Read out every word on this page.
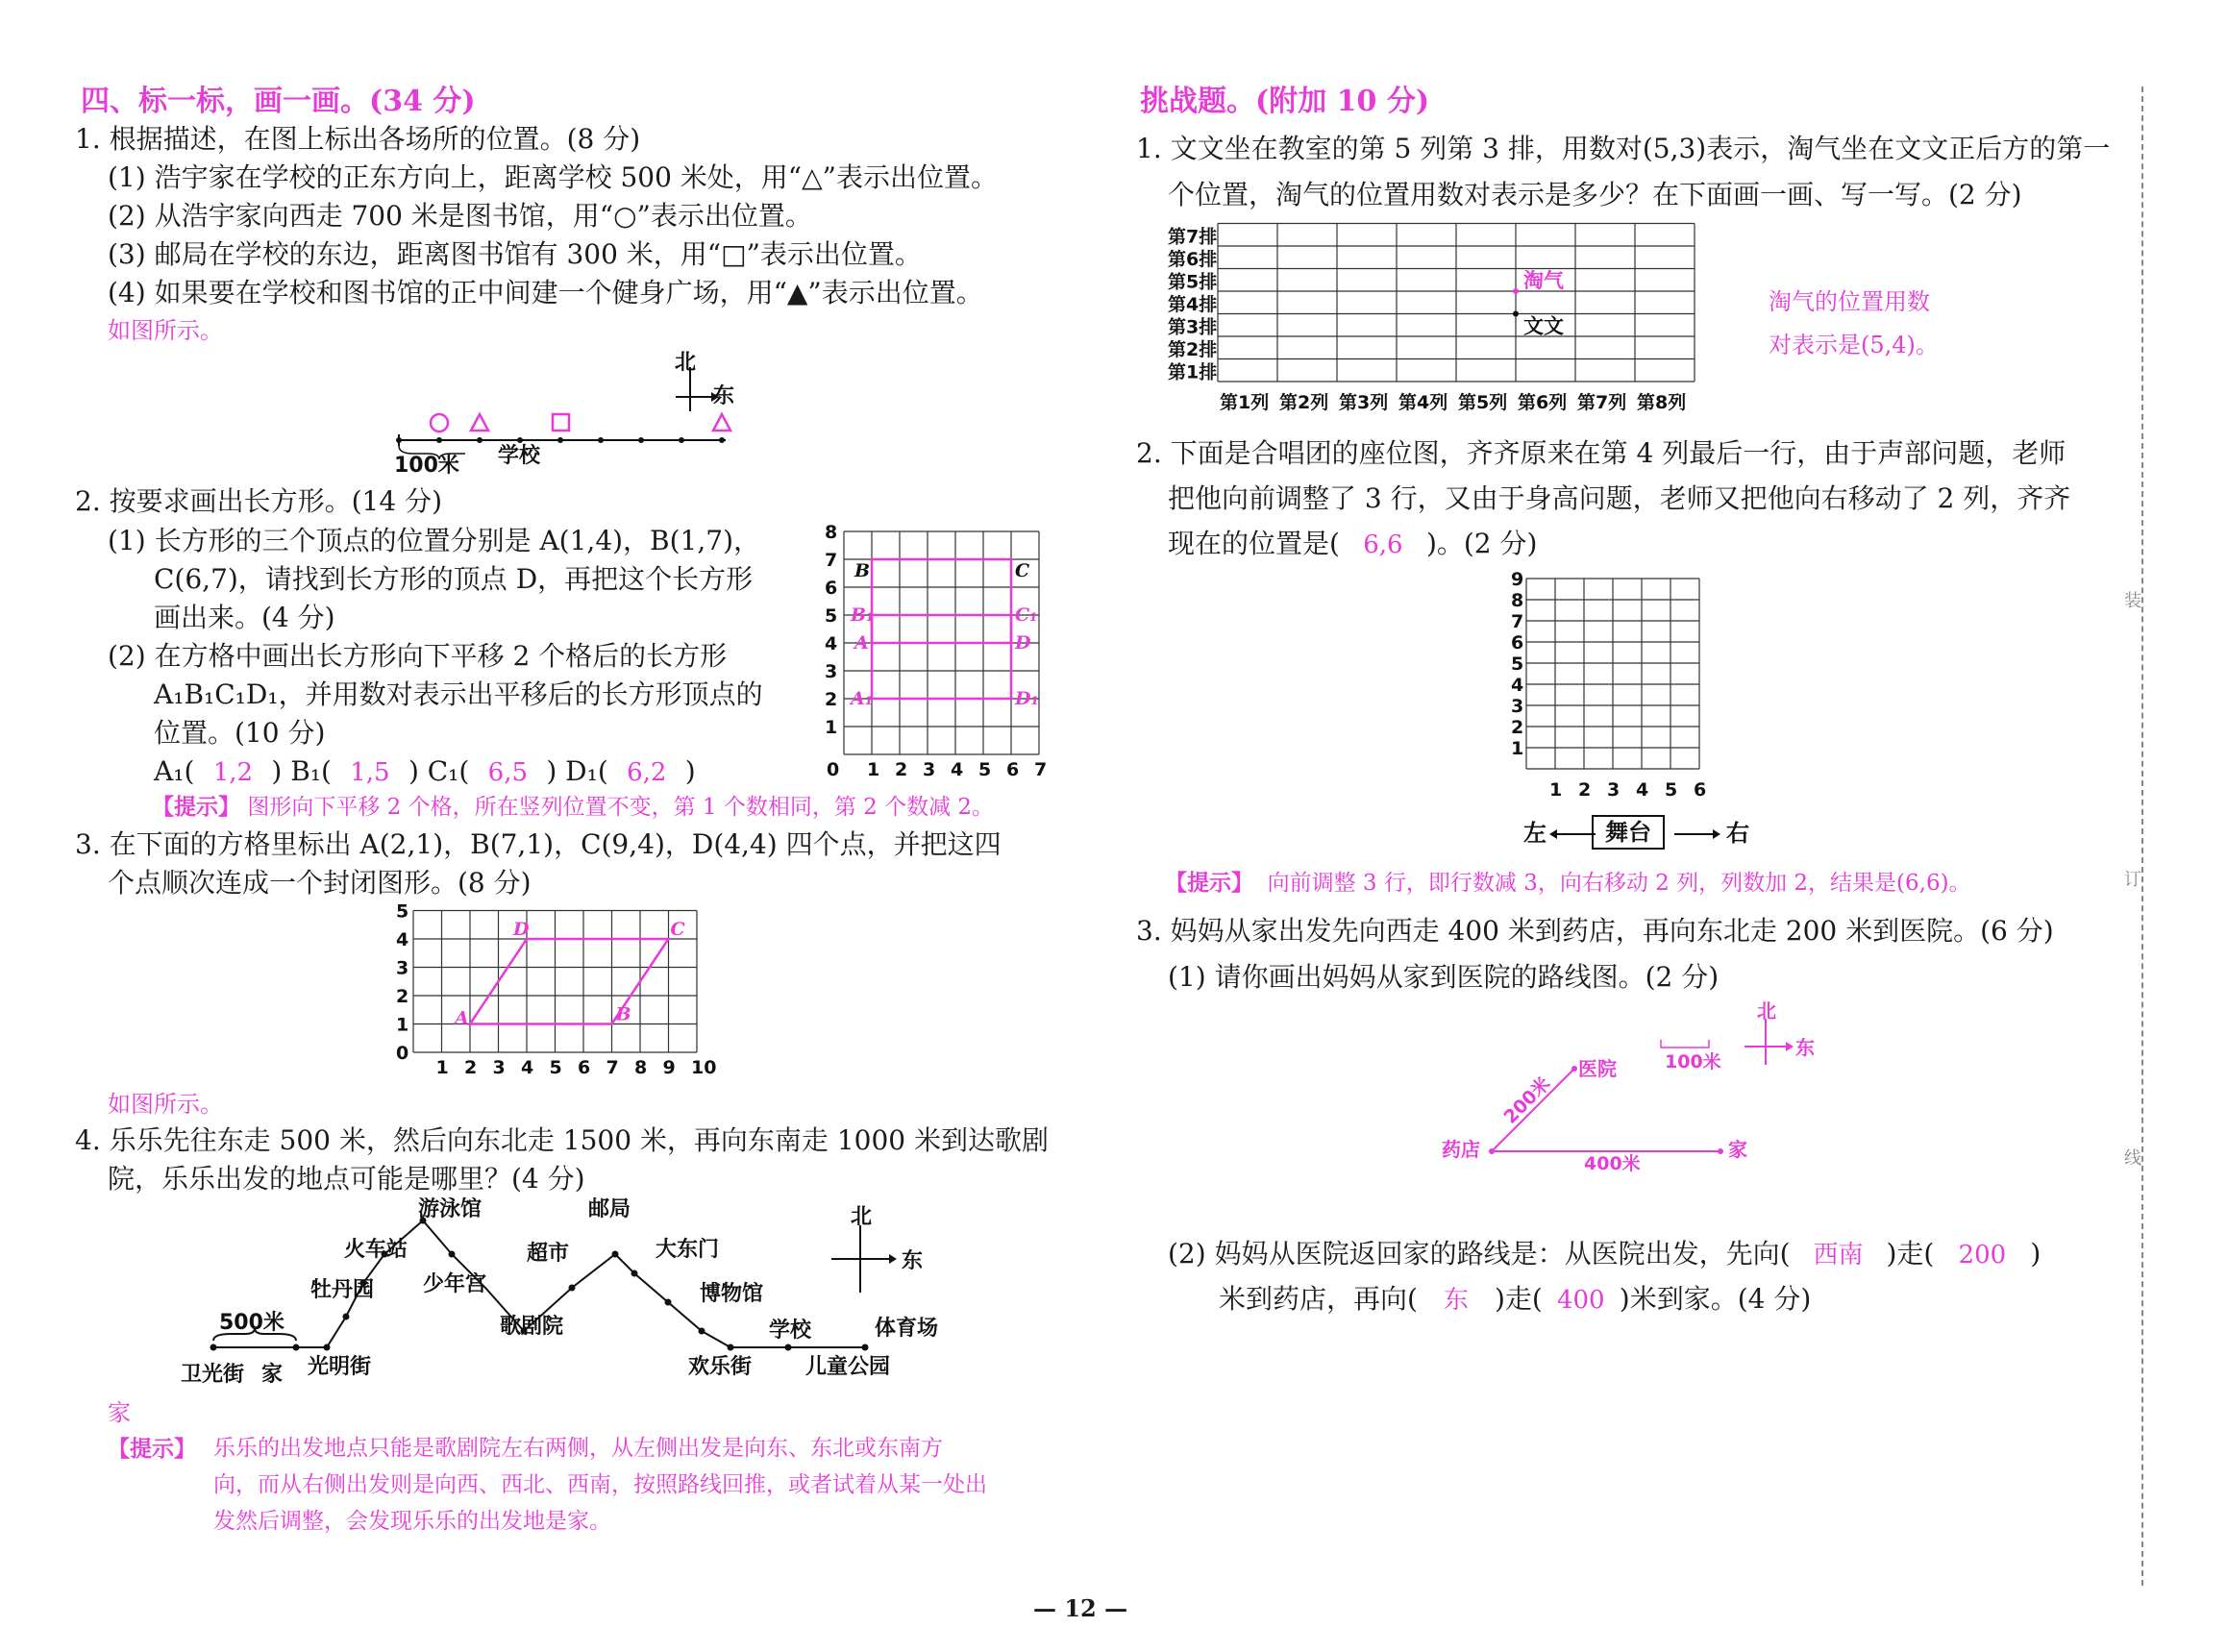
四、标一标，画一画。(34 分)
1. 根据描述，在图上标出各场所的位置。(8 分)
(1) 浩宇家在学校的正东方向上，距离学校 500 米处，用“△”表示出位置。
(2) 从浩宇家向西走 700 米是图书馆，用“○”表示出位置。
(3) 邮局在学校的东边，距离图书馆有 300 米，用“□”表示出位置。
(4) 如果要在学校和图书馆的正中间建一个健身广场，用“▲”表示出位置。
如图所示。
北
东
100米 学校
2. 按要求画出长方形。(14 分)
(1) 长方形的三个顶点的位置分别是 A(1,4)，B(1,7)，
C(6,7)，请找到长方形的顶点 D，再把这个长方形
画出来。(4 分)
(2) 在方格中画出长方形向下平移 2 个格后的长方形
A₁B₁C₁D₁，并用数对表示出平移后的长方形顶点的
位置。(10 分)
A₁( 1,2 ) B₁( 1,5 ) C₁( 6,5 ) D₁( 6,2 )
【提示】 图形向下平移 2 个格，所在竖列位置不变，第 1 个数相同，第 2 个数减 2。
0 1 2 3 4 5 6 7
1
2
3
4
5
6
7
8
B	C
A	D
B₁	C₁
A₁	D₁
3. 在下面的方格里标出 A(2,1)，B(7,1)，C(9,4)，D(4,4) 四个点，并把这四
个点顺次连成一个封闭图形。(8 分)
1 2 3 4 5 6 7 8 9 10
0
1
2
3
4
5
A	B
C
D
如图所示。
4. 乐乐先往东走 500 米，然后向东北走 1500 米，再向东南走 1000 米到达歌剧
院，乐乐出发的地点可能是哪里？(4 分)
游泳馆	邮局
火车站	超市	大东门
牡丹园 少年宫	博物馆
歌剧院	学校	体育场
卫光街 家 光明街	欢乐街	儿童公园
500米
北
东
家
【提示】 乐乐的出发地点只能是歌剧院左右两侧，从左侧出发是向东、东北或东南方
向，而从右侧出发则是向西、西北、西南，按照路线回推，或者试着从某一处出
发然后调整，会发现乐乐的出发地是家。
挑战题。(附加 10 分)
1. 文文坐在教室的第 5 列第 3 排，用数对(5,3)表示，淘气坐在文文正后方的第一
个位置，淘气的位置用数对表示是多少？在下面画一画、写一写。(2 分)
第7排
第6排
第5排
第4排
第3排
第2排
第1排
第1列 第2列 第3列 第4列 第5列 第6列 第7列 第8列
文文
淘气
淘气的位置用数
对表示是(5,4)。
2. 下面是合唱团的座位图，齐齐原来在第 4 列最后一行，由于声部问题，老师
把他向前调整了 3 行，又由于身高问题，老师又把他向右移动了 2 列，齐齐
现在的位置是( 6,6 )。(2 分)
1 2 3 4 5 6
1
2
3
4
5
6
7
8
9
左	舞台	右
【提示】 向前调整 3 行，即行数减 3，向右移动 2 列，列数加 2，结果是(6,6)。
3. 妈妈从家出发先向西走 400 米到药店，再向东北走 200 米到医院。(6 分)
(1) 请你画出妈妈从家到医院的路线图。(2 分)
北
东
100米
医院
药店	家
200米
400米
(2) 妈妈从医院返回家的路线是：从医院出发，先向( 西南 )走( 200 )
米到药店，再向( 东 )走( 400 )米到家。(4 分)
装
订
线
— 12 —
